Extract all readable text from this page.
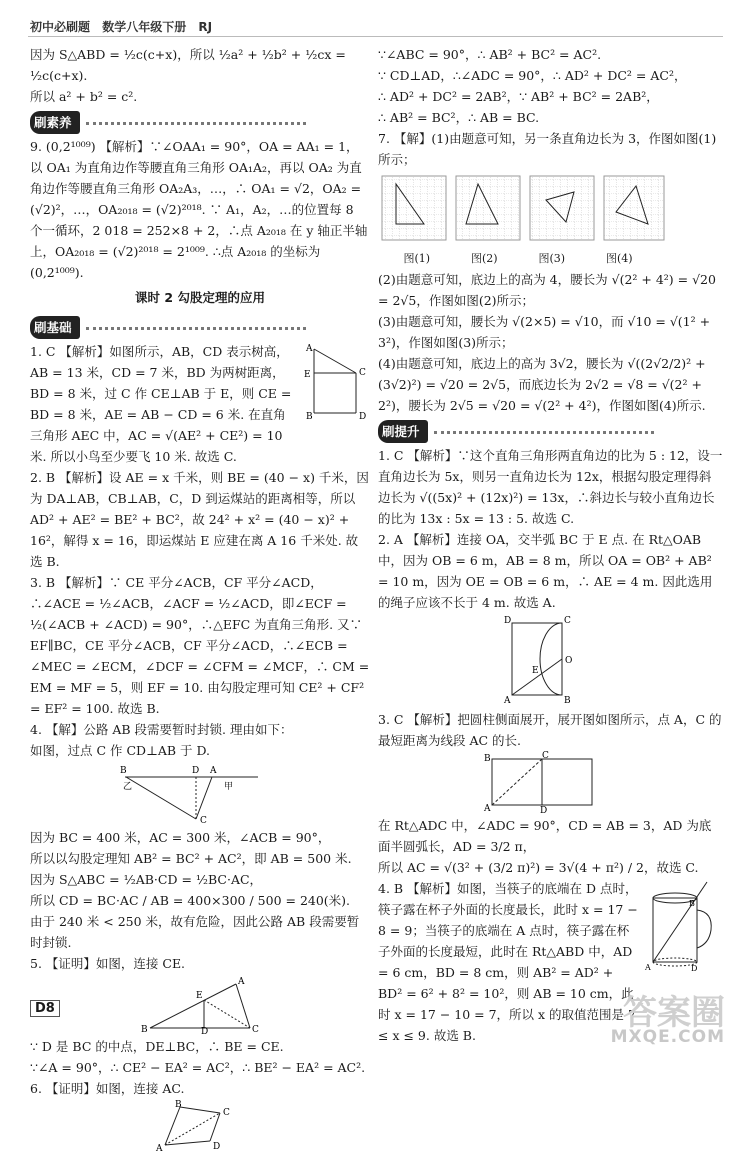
初中必刷题 数学八年级下册 RJ

因为 S△ABD = ½c(c+x)，所以 ½a² + ½b² + ½cx = ½c(c+x).

所以 a² + b² = c².

刷素养

9. (0,2¹⁰⁰⁹) 【解析】∵∠OAA₁ = 90°，OA = AA₁ = 1，以 OA₁ 为直角边作等腰直角三角形 OA₁A₂，再以 OA₂ 为直角边作等腰直角三角形 OA₂A₃，…，∴ OA₁ = √2，OA₂ = (√2)²，…，OA₂₀₁₈ = (√2)²⁰¹⁸. ∵ A₁，A₂，…的位置每 8 个一循环，2 018 = 252×8 + 2，∴点 A₂₀₁₈ 在 y 轴正半轴上，OA₂₀₁₈ = (√2)²⁰¹⁸ = 2¹⁰⁰⁹. ∴点 A₂₀₁₈ 的坐标为 (0,2¹⁰⁰⁹).

课时 2 勾股定理的应用
刷基础
A
B
C
D
E

1. C 【解析】如图所示，AB，CD 表示树高，AB = 13 米，CD = 7 米，BD 为两树距离，BD = 8 米，过 C 作 CE⊥AB 于 E，则 CE = BD = 8 米，AE = AB − CD = 6 米. 在直角三角形 AEC 中，AC = √(AE² + CE²) = 10 米. 所以小鸟至少要飞 10 米. 故选 C.

2. B 【解析】设 AE = x 千米，则 BE = (40 − x) 千米，因为 DA⊥AB，CB⊥AB，C，D 到运煤站的距离相等，所以 AD² + AE² = BE² + BC²，故 24² + x² = (40 − x)² + 16²，解得 x = 16，即运煤站 E 应建在离 A 16 千米处. 故选 B.

3. B 【解析】∵ CE 平分∠ACB，CF 平分∠ACD，∴∠ACE = ½∠ACB，∠ACF = ½∠ACD，即∠ECF = ½(∠ACB + ∠ACD) = 90°，∴△EFC 为直角三角形. 又∵ EF∥BC，CE 平分∠ACB，CF 平分∠ACD，∴∠ECB = ∠MEC = ∠ECM，∠DCF = ∠CFM = ∠MCF，∴ CM = EM = MF = 5，则 EF = 10. 由勾股定理可知 CE² + CF² = EF² = 100. 故选 B.

4. 【解】公路 AB 段需要暂时封锁. 理由如下：

如图，过点 C 作 CD⊥AB 于 D.

B	D A
乙	甲
C

因为 BC = 400 米，AC = 300 米，∠ACB = 90°，

所以以勾股定理知 AB² = BC² + AC²，即 AB = 500 米.

因为 S△ABC = ½AB·CD = ½BC·AC，

所以 CD = BC·AC / AB = 400×300 / 500 = 240(米).

由于 240 米 < 250 米，故有危险，因此公路 AB 段需要暂时封锁.

5. 【证明】如图，连接 CE.

A
E
B	D	C

∵ D 是 BC 的中点，DE⊥BC，∴ BE = CE.

∵∠A = 90°，∴ CE² − EA² = AC²，∴ BE² − EA² = AC².

6. 【证明】如图，连接 AC.

B
C
A	D

∵∠ABC = 90°，∴ AB² + BC² = AC².

∵ CD⊥AD，∴∠ADC = 90°，∴ AD² + DC² = AC²，

∴ AD² + DC² = 2AB²，∵ AB² + BC² = 2AB²，

∴ AB² = BC²，∴ AB = BC.

7. 【解】(1)由题意可知，另一条直角边长为 3，作图如图(1)所示；

图(1)	图(2)	图(3)	图(4)

(2)由题意可知，底边上的高为 4，腰长为 √(2² + 4²) = √20 = 2√5，作图如图(2)所示；

(3)由题意可知，腰长为 √(2×5) = √10，而 √10 = √(1² + 3²)，作图如图(3)所示；

(4)由题意可知，底边上的高为 3√2，腰长为 √((2√2/2)² + (3√2)²) = √20 = 2√5，而底边长为 2√2 = √8 = √(2² + 2²)，腰长为 2√5 = √20 = √(2² + 4²)，作图如图(4)所示.

刷提升

1. C 【解析】∵这个直角三角形两直角边的比为 5 : 12，设一直角边长为 5x，则另一直角边长为 12x，根据勾股定理得斜边长为 √((5x)² + (12x)²) = 13x，∴斜边长与较小直角边长的比为 13x : 5x = 13 : 5. 故选 C.

2. A 【解析】连接 OA，交半弧 BC 于 E 点. 在 Rt△OAB 中，因为 OB = 6 m，AB = 8 m，所以 OA = OB² + AB² = 10 m，因为 OE = OB = 6 m，∴ AE = 4 m. 因此选用的绳子应该不长于 4 m. 故选 A.

D	C
E
O
A	B

3. C 【解析】把圆柱侧面展开，展开图如图所示，点 A，C 的最短距离为线段 AC 的长.

B	C
A	D

在 Rt△ADC 中，∠ADC = 90°，CD = AB = 3，AD 为底面半圆弧长，AD = 3/2 π，

所以 AC = √(3² + (3/2 π)²) = 3√(4 + π²) / 2，故选 C.

B
D
A

4. B 【解析】如图，当筷子的底端在 D 点时，筷子露在杯子外面的长度最长，此时 x = 17 − 8 = 9；当筷子的底端在 A 点时，筷子露在杯子外面的长度最短，此时在 Rt△ABD 中，AD = 6 cm，BD = 8 cm，则 AB² = AD² + BD² = 6² + 8² = 10²，则 AB = 10 cm，此时 x = 17 − 10 = 7，所以 x 的取值范围是 7 ≤ x ≤ 9. 故选 B.

D8	答案圈
MXQE.COM
